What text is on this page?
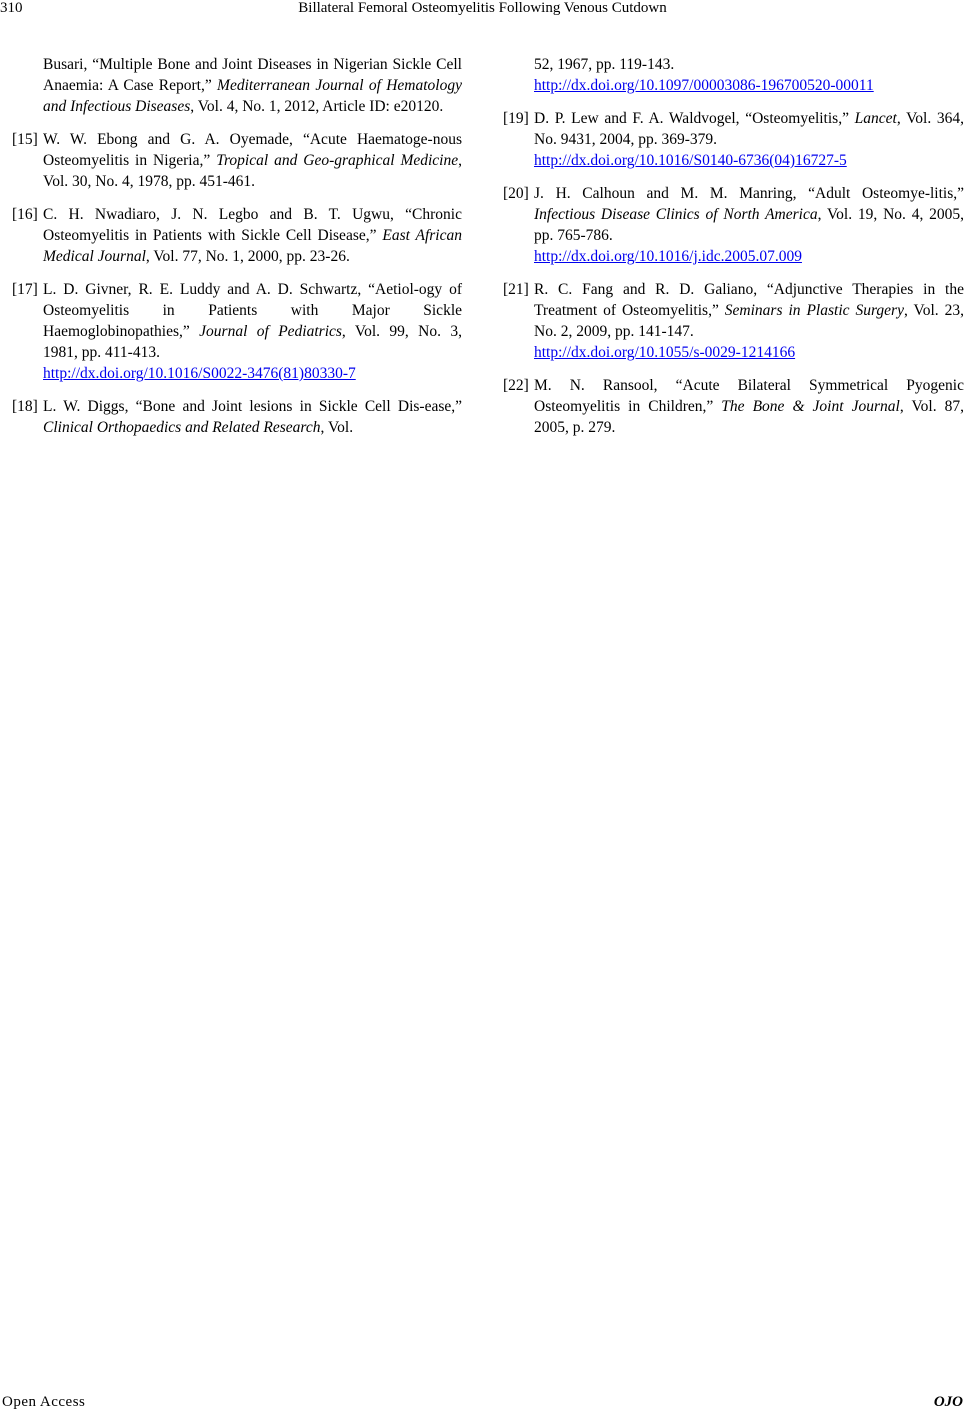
310	Billateral Femoral Osteomyelitis Following Venous Cutdown
Busari, “Multiple Bone and Joint Diseases in Nigerian Sickle Cell Anaemia: A Case Report,” Mediterranean Journal of Hematology and Infectious Diseases, Vol. 4, No. 1, 2012, Article ID: e20120.
[15] W. W. Ebong and G. A. Oyemade, “Acute Haematoge-nous Osteomyelitis in Nigeria,” Tropical and Geo-graphical Medicine, Vol. 30, No. 4, 1978, pp. 451-461.
[16] C. H. Nwadiaro, J. N. Legbo and B. T. Ugwu, “Chronic Osteomyelitis in Patients with Sickle Cell Disease,” East African Medical Journal, Vol. 77, No. 1, 2000, pp. 23-26.
[17] L. D. Givner, R. E. Luddy and A. D. Schwartz, “Aetiol-ogy of Osteomyelitis in Patients with Major Sickle Haemoglobinopathies,” Journal of Pediatrics, Vol. 99, No. 3, 1981, pp. 411-413.
http://dx.doi.org/10.1016/S0022-3476(81)80330-7
[18] L. W. Diggs, “Bone and Joint lesions in Sickle Cell Dis-ease,” Clinical Orthopaedics and Related Research, Vol.
52, 1967, pp. 119-143.
http://dx.doi.org/10.1097/00003086-196700520-00011
[19] D. P. Lew and F. A. Waldvogel, “Osteomyelitis,” Lancet, Vol. 364, No. 9431, 2004, pp. 369-379.
http://dx.doi.org/10.1016/S0140-6736(04)16727-5
[20] J. H. Calhoun and M. M. Manring, “Adult Osteomye-litis,” Infectious Disease Clinics of North America, Vol. 19, No. 4, 2005, pp. 765-786.
http://dx.doi.org/10.1016/j.idc.2005.07.009
[21] R. C. Fang and R. D. Galiano, “Adjunctive Therapies in the Treatment of Osteomyelitis,” Seminars in Plastic Surgery, Vol. 23, No. 2, 2009, pp. 141-147.
http://dx.doi.org/10.1055/s-0029-1214166
[22] M. N. Ransool, “Acute Bilateral Symmetrical Pyogenic Osteomyelitis in Children,” The Bone & Joint Journal, Vol. 87, 2005, p. 279.
Open Access	OJO
